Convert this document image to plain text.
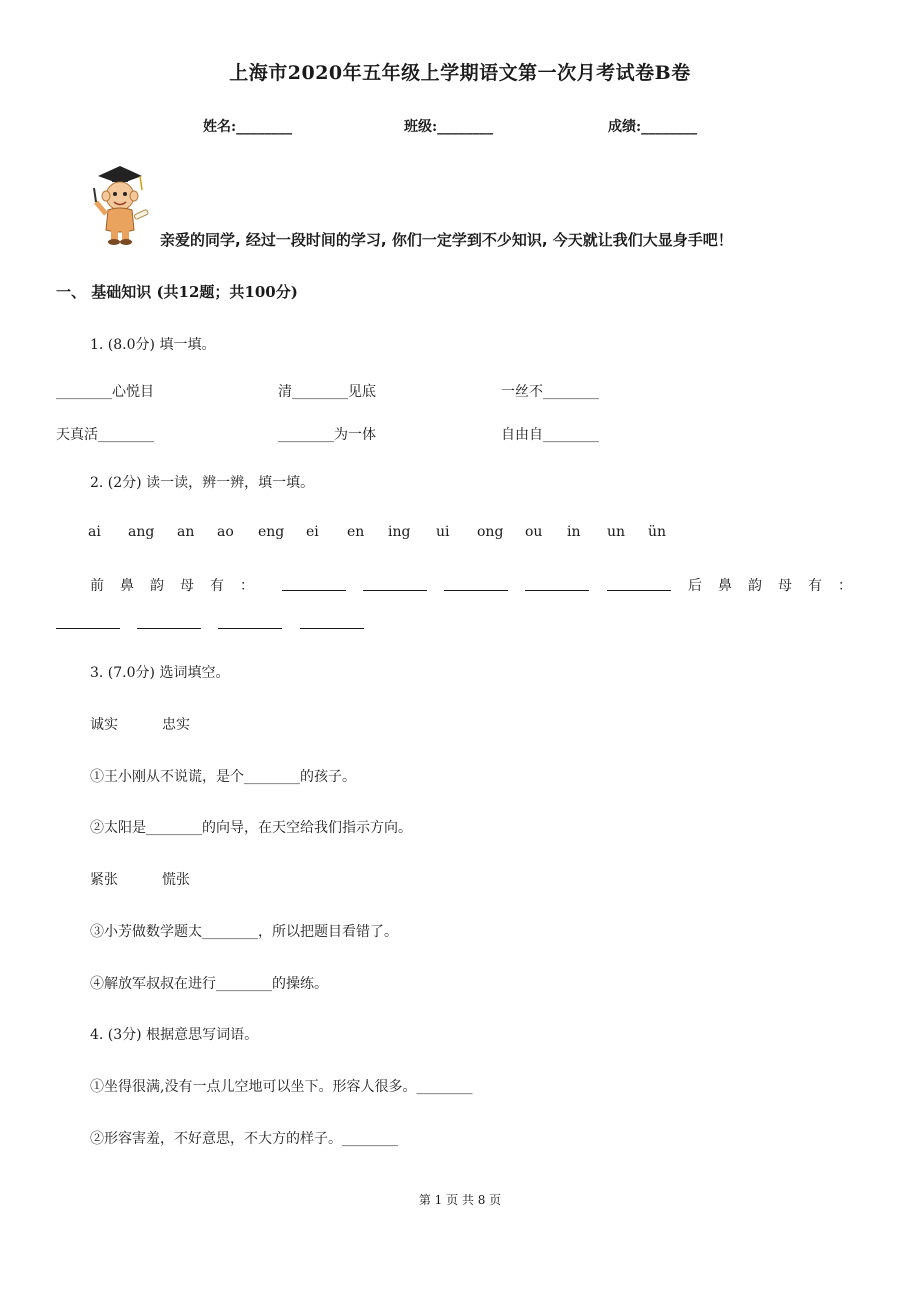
上海市2020年五年级上学期语文第一次月考试卷B卷
姓名:________	班级:________	成绩:________
亲爱的同学, 经过一段时间的学习, 你们一定学到不少知识, 今天就让我们大显身手吧！
一、 基础知识 (共12题；共100分)
1. (8.0分) 填一填。
________心悦目	清________见底	一丝不________
天真活________	________为一体	自由自________
2. (2分) 读一读，辨一辨，填一填。
ai ang an ao eng ei en ing ui ong ou in un ün
前鼻韵母有：	后鼻韵母有：
3. (7.0分) 选词填空。
诚实	忠实
①王小刚从不说谎，是个________的孩子。
②太阳是________的向导，在天空给我们指示方向。
紧张	慌张
③小芳做数学题太________，所以把题目看错了。
④解放军叔叔在进行________的操练。
4. (3分) 根据意思写词语。
①坐得很满,没有一点儿空地可以坐下。形容人很多。________
②形容害羞，不好意思，不大方的样子。________
第 1 页 共 8 页
